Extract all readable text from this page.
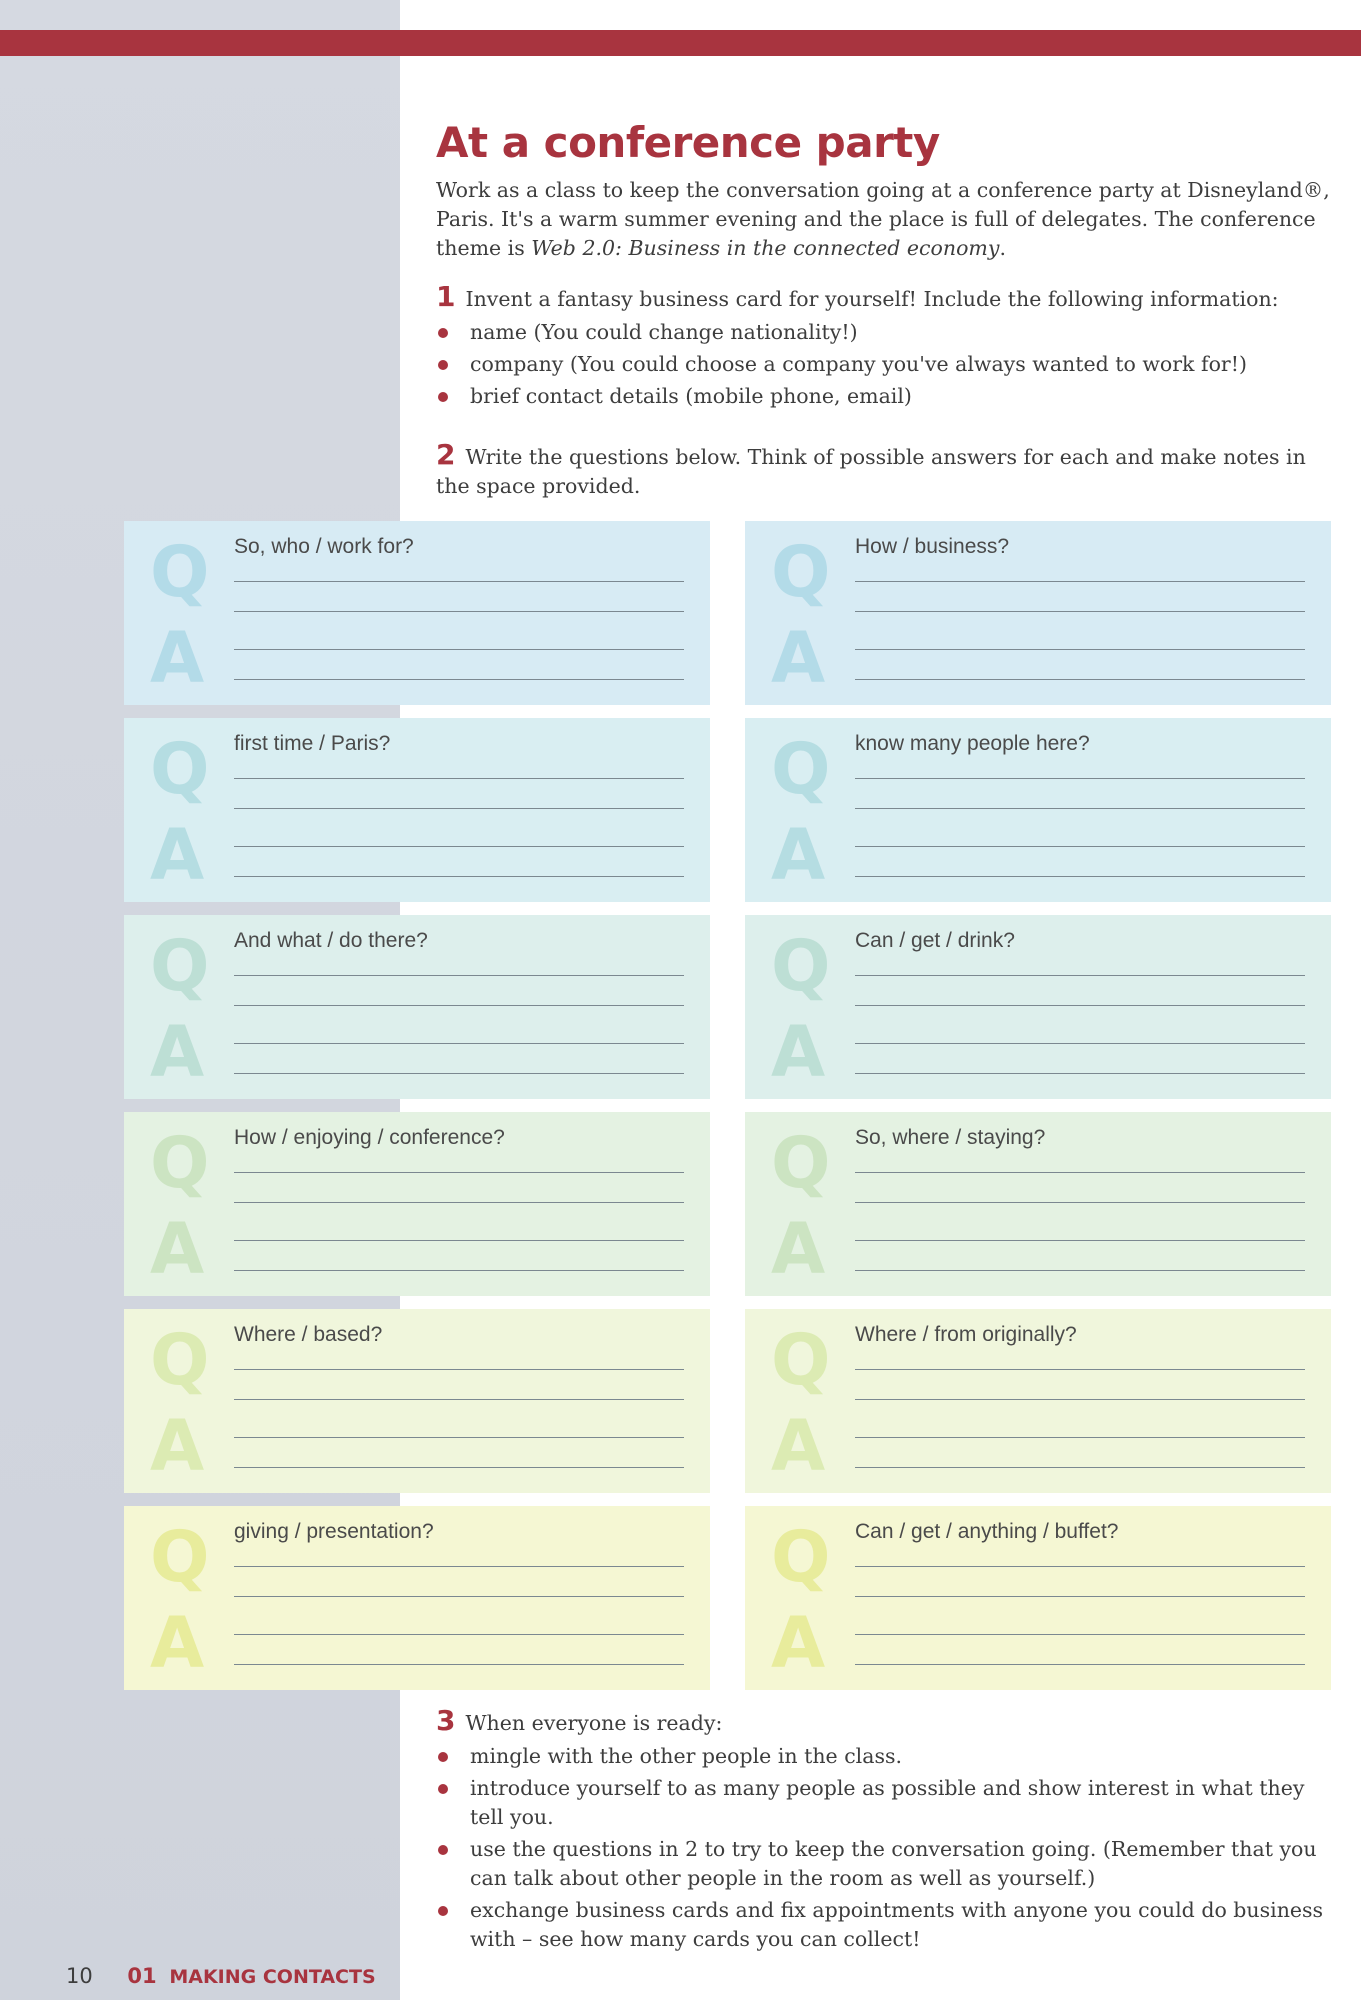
At a conference party
Work as a class to keep the conversation going at a conference party at Disneyland®, Paris. It's a warm summer evening and the place is full of delegates. The conference theme is Web 2.0: Business in the connected economy.
1 Invent a fantasy business card for yourself! Include the following information:
name (You could change nationality!)
company (You could choose a company you've always wanted to work for!)
brief contact details (mobile phone, email)
2 Write the questions below. Think of possible answers for each and make notes in the space provided.
Q
A
So, who / work for?	Q
A
How / business?
Q
A
first time / Paris?	Q
A
know many people here?
Q
A
And what / do there?	Q
A
Can / get / drink?
Q
A
How / enjoying / conference?	Q
A
So, where / staying?
Q
A
Where / based?	Q
A
Where / from originally?
Q
A
giving / presentation?	Q
A
Can / get / anything / buffet?
3 When everyone is ready:
mingle with the other people in the class.
introduce yourself to as many people as possible and show interest in what they tell you.
use the questions in 2 to try to keep the conversation going. (Remember that you can talk about other people in the room as well as yourself.)
exchange business cards and fix appointments with anyone you could do business with – see how many cards you can collect!
10 01 MAKING CONTACTS
